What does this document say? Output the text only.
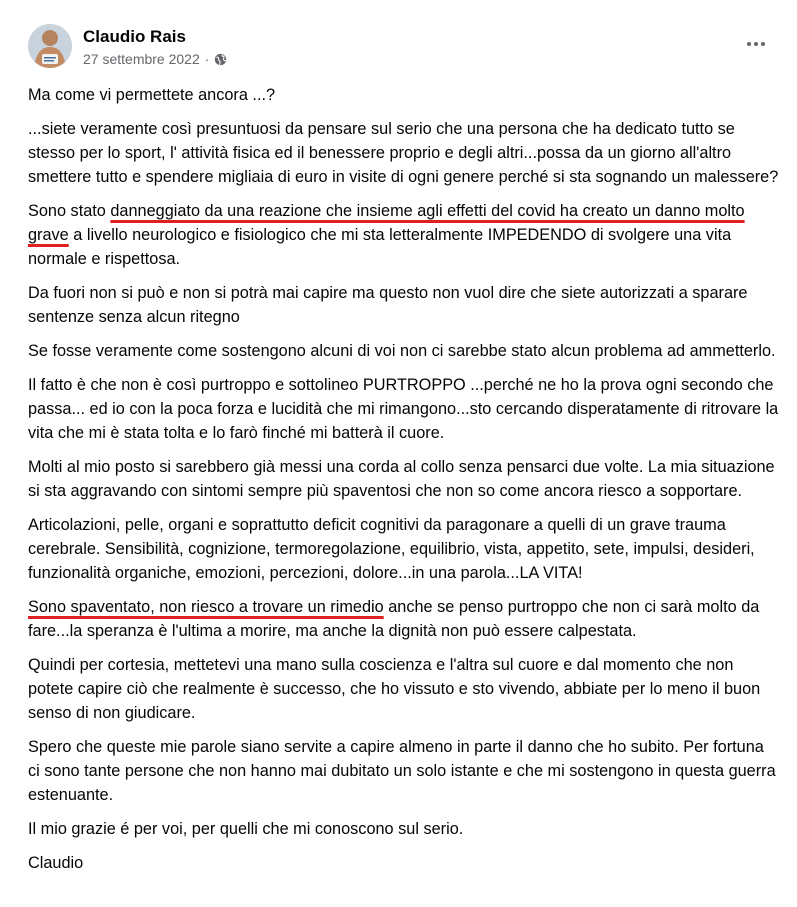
Claudio Rais
27 settembre 2022 ·

Ma come vi permettete ancora ...?

...siete veramente così presuntuosi da pensare sul serio che una persona che ha dedicato tutto se stesso per lo sport, l' attività fisica ed il benessere proprio e degli altri...possa da un giorno all'altro smettere tutto e spendere migliaia di euro in visite di ogni genere perché si sta sognando un malessere?

Sono stato danneggiato da una reazione che insieme agli effetti del covid ha creato un danno molto grave a livello neurologico e fisiologico che mi sta letteralmente IMPEDENDO di svolgere una vita normale e rispettosa.

Da fuori non si può e non si potrà mai capire ma questo non vuol dire che siete autorizzati a sparare sentenze senza alcun ritegno

Se fosse veramente come sostengono alcuni di voi non ci sarebbe stato alcun problema ad ammetterlo.

Il fatto è che non è così purtroppo e sottolineo PURTROPPO ...perché ne ho la prova ogni secondo che passa... ed io con la poca forza e lucidità che mi rimangono...sto cercando disperatamente di ritrovare la vita che mi è stata tolta e lo farò finché mi batterà il cuore.

Molti al mio posto si sarebbero già messi una corda al collo senza pensarci due volte. La mia situazione si sta aggravando con sintomi sempre più spaventosi che non so come ancora riesco a sopportare.

Articolazioni, pelle, organi e soprattutto deficit cognitivi da paragonare a quelli di un grave trauma cerebrale. Sensibilità, cognizione, termoregolazione, equilibrio, vista, appetito, sete, impulsi, desideri, funzionalità organiche, emozioni, percezioni, dolore...in una parola...LA VITA!

Sono spaventato, non riesco a trovare un rimedio anche se penso purtroppo che non ci sarà molto da fare...la speranza è l'ultima a morire, ma anche la dignità non può essere calpestata.

Quindi per cortesia, mettetevi una mano sulla coscienza e l'altra sul cuore e dal momento che non potete capire ciò che realmente è successo, che ho vissuto e sto vivendo, abbiate per lo meno il buon senso di non giudicare.

Spero che queste mie parole siano servite a capire almeno in parte il danno che ho subito. Per fortuna ci sono tante persone che non hanno mai dubitato un solo istante e che mi sostengono in questa guerra estenuante.

Il mio grazie é per voi, per quelli che mi conoscono sul serio.

Claudio
